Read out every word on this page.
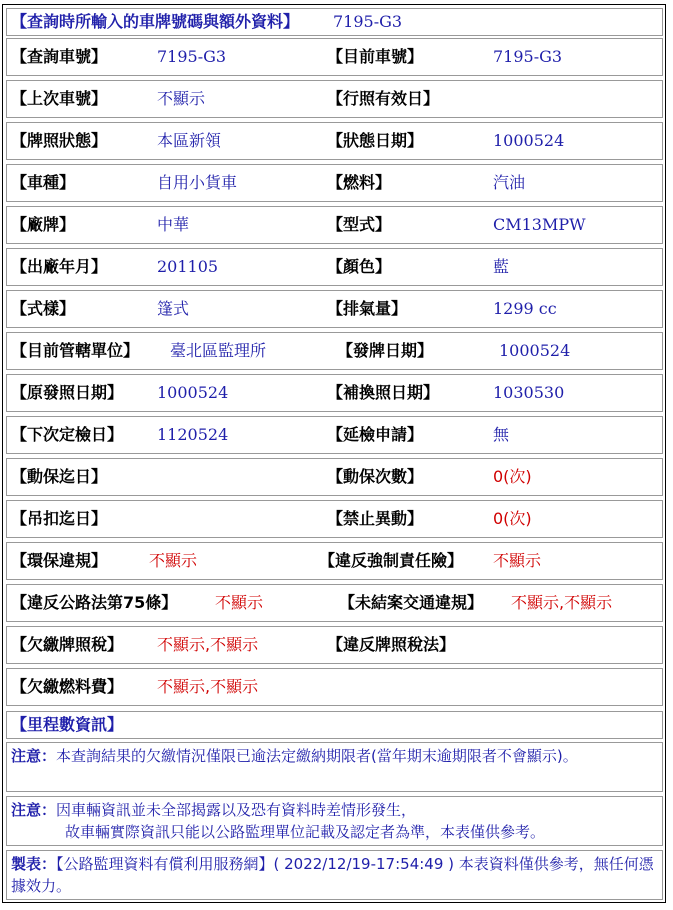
【查詢時所輸入的車牌號碼與額外資料】 7195-G3
【查詢車號】	7195-G3	【目前車號】	7195-G3
【上次車號】	不顯示	【行照有效日】
【牌照狀態】	本區新領	【狀態日期】	1000524
【車種】	自用小貨車	【燃料】	汽油
【廠牌】	中華	【型式】	CM13MPW
【出廠年月】	201105	【顏色】	藍
【式樣】	篷式	【排氣量】	1299 cc
【目前管轄單位】 臺北區監理所	【發牌日期】	1000524
【原發照日期】 1000524	【補換照日期】	1030530
【下次定檢日】 1120524	【延檢申請】	無
【動保迄日】	【動保次數】	0(次)
【吊扣迄日】	【禁止異動】	0(次)
【環保違規】	不顯示	【違反強制責任險】 不顯示
【違反公路法第75條】 不顯示	【未結案交通違規】 不顯示,不顯示
【欠繳牌照稅】 不顯示,不顯示	【違反牌照稅法】
【欠繳燃料費】 不顯示,不顯示
【里程數資訊】
注意：本查詢結果的欠繳情況僅限已逾法定繳納期限者(當年期末逾期限者不會顯示)。
注意：因車輛資訊並未全部揭露以及恐有資料時差情形發生，
故車輛實際資訊只能以公路監理單位記載及認定者為準，本表僅供參考。
製表：【公路監理資料有償利用服務網】( 2022/12/19-17:54:49 ) 本表資料僅供參考，無任何憑據效力。
